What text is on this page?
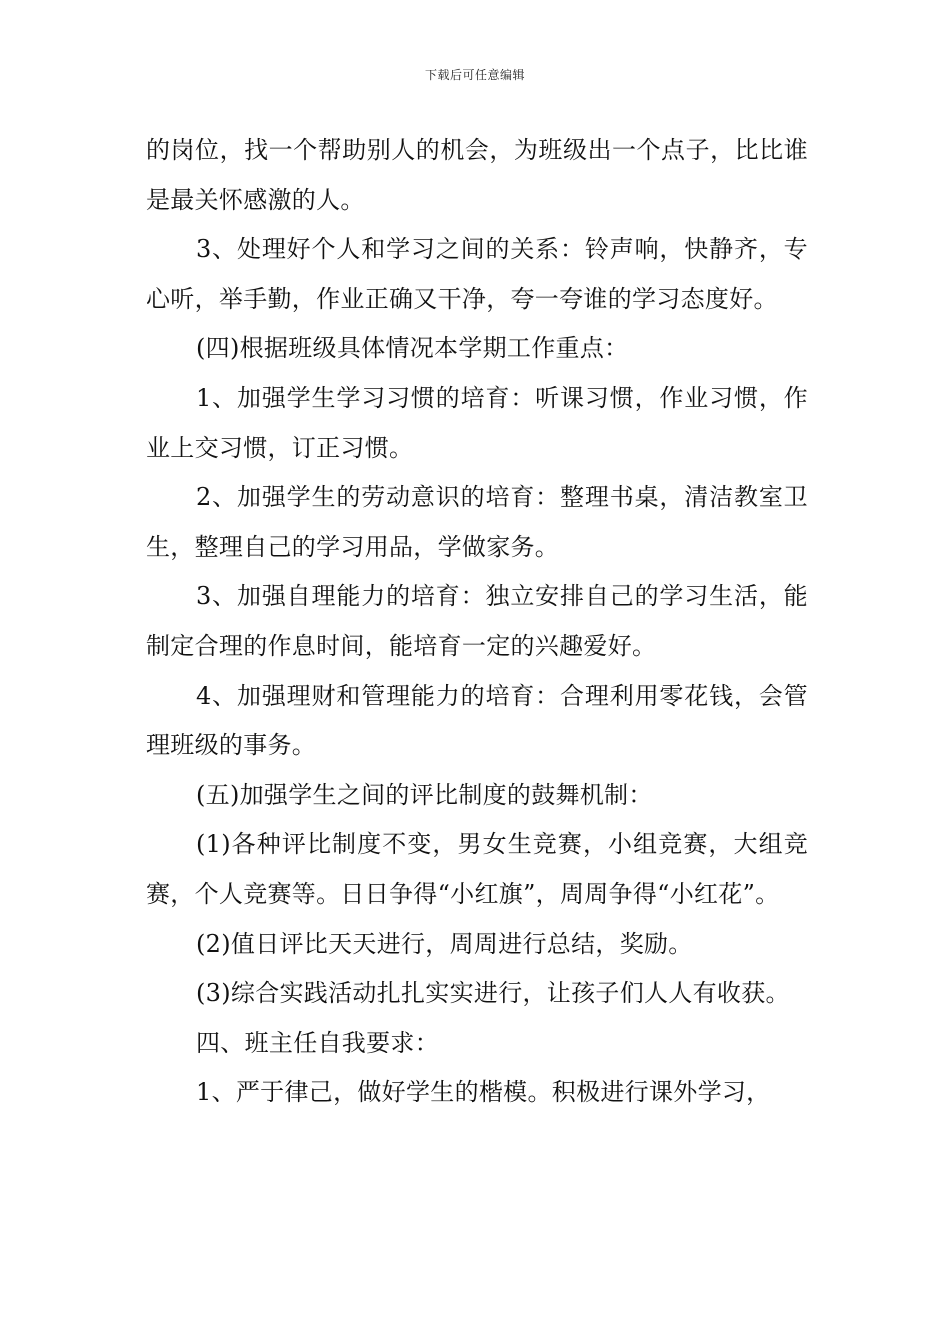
下载后可任意编辑

的岗位，找一个帮助别人的机会，为班级出一个点子，比比谁是最关怀感激的人。

3、处理好个人和学习之间的关系：铃声响，快静齐，专心听，举手勤，作业正确又干净，夸一夸谁的学习态度好。

(四)根据班级具体情况本学期工作重点：

1、加强学生学习习惯的培育：听课习惯，作业习惯，作业上交习惯，订正习惯。

2、加强学生的劳动意识的培育：整理书桌，清洁教室卫生，整理自己的学习用品，学做家务。

3、加强自理能力的培育：独立安排自己的学习生活，能制定合理的作息时间，能培育一定的兴趣爱好。

4、加强理财和管理能力的培育：合理利用零花钱，会管理班级的事务。

(五)加强学生之间的评比制度的鼓舞机制：

(1)各种评比制度不变，男女生竞赛，小组竞赛，大组竞赛，个人竞赛等。日日争得“小红旗”，周周争得“小红花”。

(2)值日评比天天进行，周周进行总结，奖励。

(3)综合实践活动扎扎实实进行，让孩子们人人有收获。

四、班主任自我要求：

1、严于律己，做好学生的楷模。积极进行课外学习，
